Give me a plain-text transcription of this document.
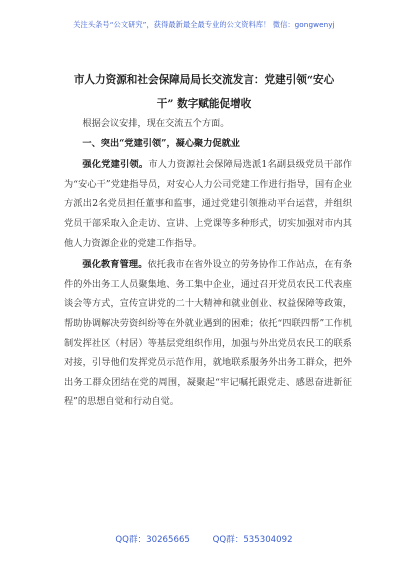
关注头条号“公文研究”，获得最新最全最专业的公文资料库！ 微信：gongwenyj
市人力资源和社会保障局局长交流发言：党建引领“安心
干” 数字赋能促增收

根据会议安排，现在交流五个方面。

一、突出“党建引领”，凝心聚力促就业

强化党建引领。市人力资源社会保障局选派1名副县级党员干部作为“安心干”党建指导员，对安心人力公司党建工作进行指导，国有企业方派出2名党员担任董事和监事，通过党建引领推动平台运营，并组织党员干部采取入企走访、宣讲、上党课等多种形式，切实加强对市内其他人力资源企业的党建工作指导。

强化教育管理。依托我市在省外设立的劳务协作工作站点，在有条件的外出务工人员聚集地、务工集中企业，通过召开党员农民工代表座谈会等方式，宣传宣讲党的二十大精神和就业创业、权益保障等政策，帮助协调解决劳资纠纷等在外就业遇到的困难；依托“四联四帮”工作机制发挥社区（村居）等基层党组织作用，加强与外出党员农民工的联系对接，引导他们发挥党员示范作用，就地联系服务外出务工群众，把外出务工群众团结在党的周围，凝聚起“牢记嘱托跟党走、感恩奋进新征程”的思想自觉和行动自觉。

QQ群：30265665	QQ群：535304092
